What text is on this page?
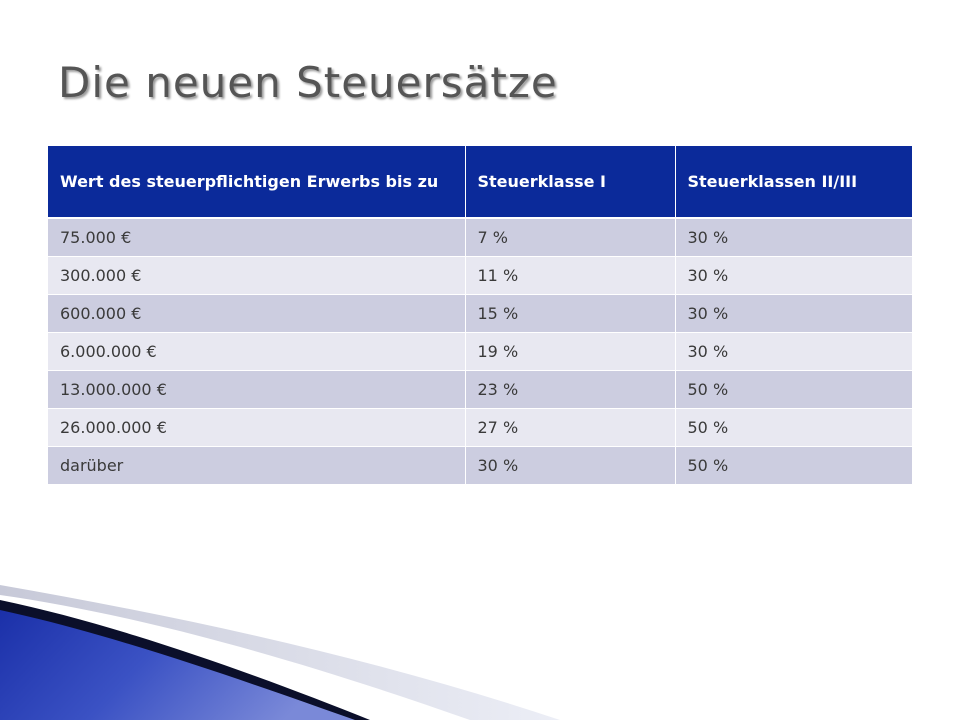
Die neuen Steuersätze
Wert des steuerpflichtigen Erwerbs bis zu	Steuerklasse I	Steuerklassen II/III
75.000 €	7 %	30 %
300.000 €	11 %	30 %
600.000 €	15 %	30 %
6.000.000 €	19 %	30 %
13.000.000 €	23 %	50 %
26.000.000 €	27 %	50 %
darüber	30 %	50 %
